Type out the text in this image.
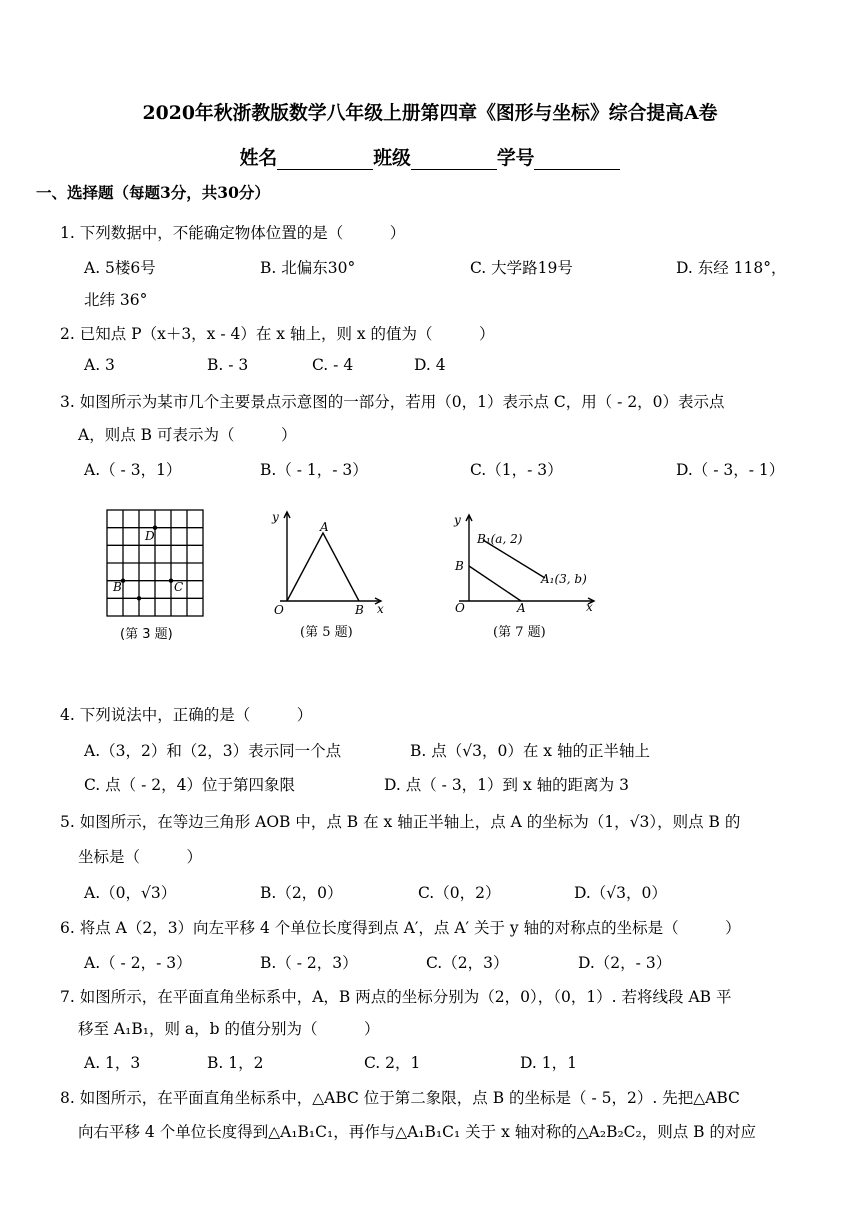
2020年秋浙教版数学八年级上册第四章《图形与坐标》综合提高A卷
姓名	班级	学号
一、选择题（每题3分，共30分）
1. 下列数据中，不能确定物体位置的是（　　　）
A. 5楼6号	B. 北偏东30°	C. 大学路19号	D. 东经 118°，
北纬 36°
2. 已知点 P（x＋3，x - 4）在 x 轴上，则 x 的值为（　　　）
A. 3	B. - 3	C. - 4	D. 4
3. 如图所示为某市几个主要景点示意图的一部分，若用（0，1）表示点 C，用（ - 2，0）表示点
A，则点 B 可表示为（　　　）
A.（ - 3，1）	B.（ - 1，- 3）	C.（1，- 3）	D.（ - 3，- 1）
D
B	C
(第 3 题)
y
A
O	B x
(第 5 题)
y
B₁(a, 2)
B
A₁(3, b)
O	A	x
(第 7 题)
4. 下列说法中，正确的是（　　　）
A.（3，2）和（2，3）表示同一个点	B. 点（√3，0）在 x 轴的正半轴上
C. 点（ - 2，4）位于第四象限	D. 点（ - 3，1）到 x 轴的距离为 3
5. 如图所示，在等边三角形 AOB 中，点 B 在 x 轴正半轴上，点 A 的坐标为（1，√3），则点 B 的
坐标是（　　　）
A.（0，√3）	B.（2，0）	C.（0，2）	D.（√3，0）
6. 将点 A（2，3）向左平移 4 个单位长度得到点 A′，点 A′ 关于 y 轴的对称点的坐标是（　　　）
A.（ - 2，- 3）	B.（ - 2，3）	C.（2，3）	D.（2，- 3）
7. 如图所示，在平面直角坐标系中，A，B 两点的坐标分别为（2，0），（0，1）. 若将线段 AB 平
移至 A₁B₁，则 a，b 的值分别为（　　　）
A. 1，3	B. 1，2	C. 2，1	D. 1，1
8. 如图所示，在平面直角坐标系中，△ABC 位于第二象限，点 B 的坐标是（ - 5，2）. 先把△ABC
向右平移 4 个单位长度得到△A₁B₁C₁，再作与△A₁B₁C₁ 关于 x 轴对称的△A₂B₂C₂，则点 B 的对应
